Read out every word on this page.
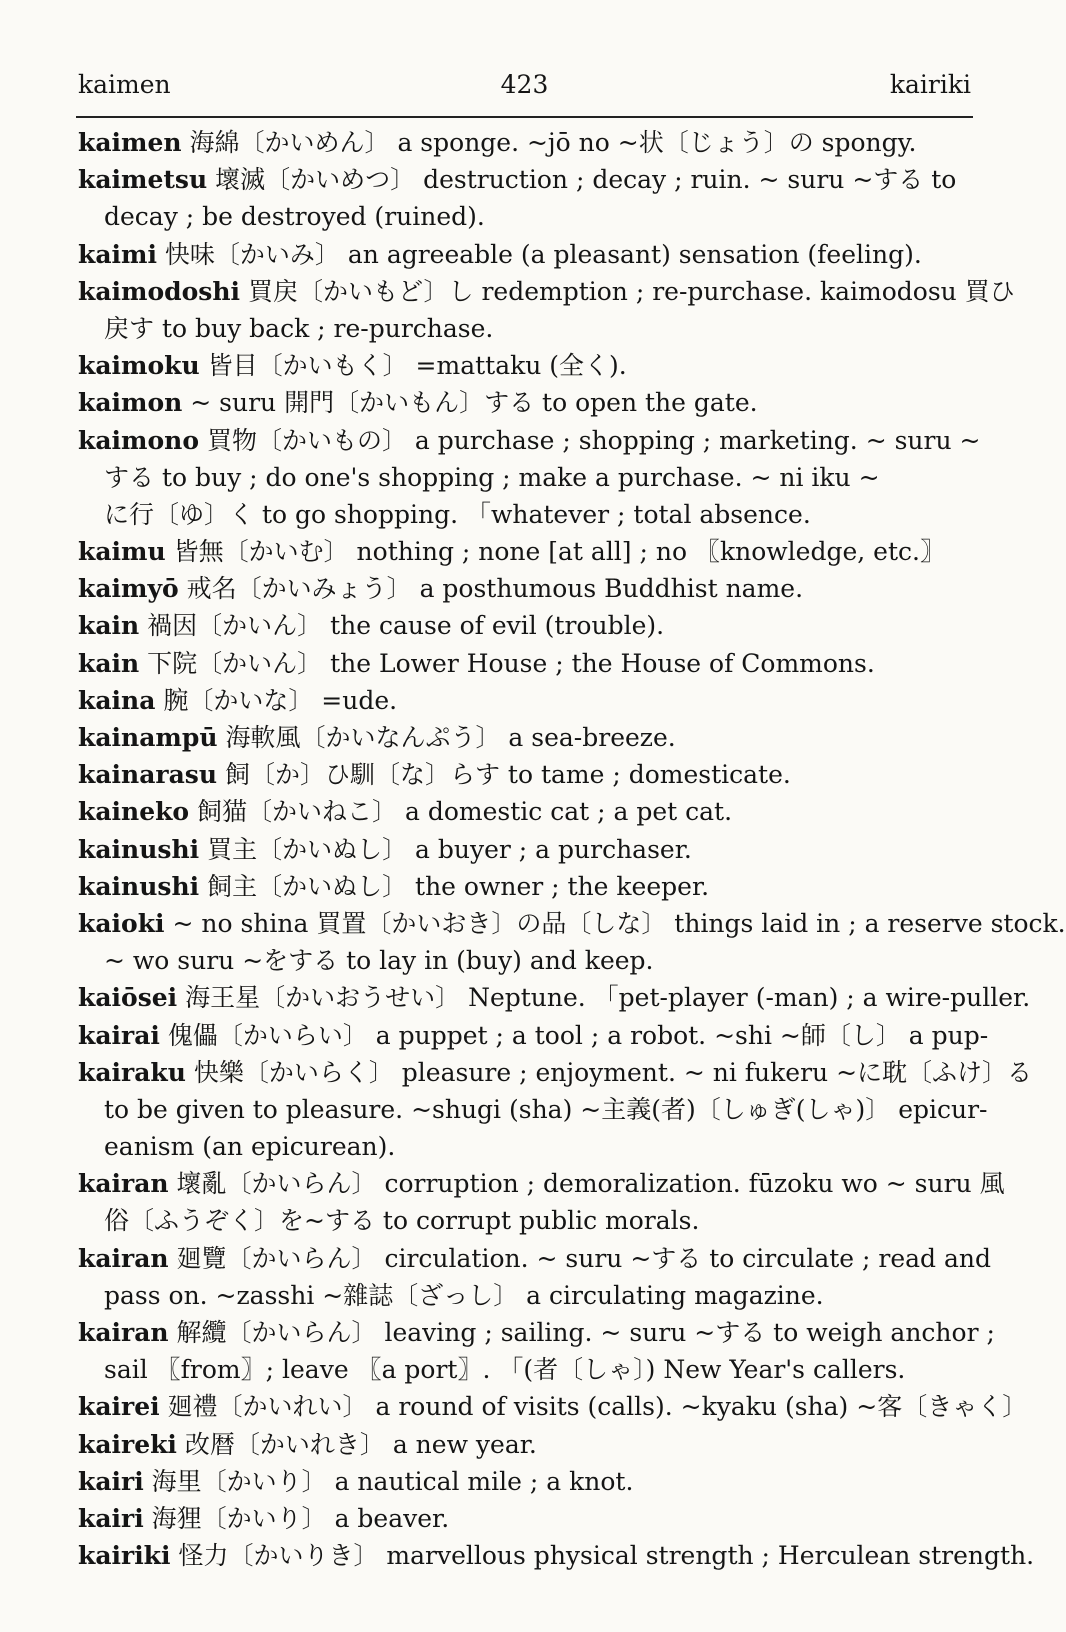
kaimen	423	kairiki
kaimen 海綿〔かいめん〕 a sponge. ~jō no ~状〔じょう〕の spongy.
kaimetsu 壞滅〔かいめつ〕 destruction ; decay ; ruin. ~ suru ~する to
decay ; be destroyed (ruined).
kaimi 快味〔かいみ〕 an agreeable (a pleasant) sensation (feeling).
kaimodoshi 買戻〔かいもど〕し redemption ; re-purchase. kaimodosu 買ひ
戻す to buy back ; re-purchase.
kaimoku 皆目〔かいもく〕 =mattaku (全く).
kaimon ~ suru 開門〔かいもん〕する to open the gate.
kaimono 買物〔かいもの〕 a purchase ; shopping ; marketing. ~ suru ~
する to buy ; do one's shopping ; make a purchase. ~ ni iku ~
に行〔ゆ〕く to go shopping. 「whatever ; total absence.
kaimu 皆無〔かいむ〕 nothing ; none [at all] ; no 〖knowledge, etc.〗
kaimyō 戒名〔かいみょう〕 a posthumous Buddhist name.
kain 禍因〔かいん〕 the cause of evil (trouble).
kain 下院〔かいん〕 the Lower House ; the House of Commons.
kaina 腕〔かいな〕 =ude.
kainampū 海軟風〔かいなんぷう〕 a sea-breeze.
kainarasu 飼〔か〕ひ馴〔な〕らす to tame ; domesticate.
kaineko 飼猫〔かいねこ〕 a domestic cat ; a pet cat.
kainushi 買主〔かいぬし〕 a buyer ; a purchaser.
kainushi 飼主〔かいぬし〕 the owner ; the keeper.
kaioki ~ no shina 買置〔かいおき〕の品〔しな〕 things laid in ; a reserve stock.
~ wo suru ~をする to lay in (buy) and keep.
kaiōsei 海王星〔かいおうせい〕 Neptune. 「pet-player (-man) ; a wire-puller.
kairai 傀儡〔かいらい〕 a puppet ; a tool ; a robot. ~shi ~師〔し〕 a pup-
kairaku 快樂〔かいらく〕 pleasure ; enjoyment. ~ ni fukeru ~に耽〔ふけ〕る
to be given to pleasure. ~shugi (sha) ~主義(者)〔しゅぎ(しゃ)〕 epicur-
eanism (an epicurean).
kairan 壞亂〔かいらん〕 corruption ; demoralization. fūzoku wo ~ suru 風
俗〔ふうぞく〕を~する to corrupt public morals.
kairan 廻覽〔かいらん〕 circulation. ~ suru ~する to circulate ; read and
pass on. ~zasshi ~雜誌〔ざっし〕 a circulating magazine.
kairan 解纜〔かいらん〕 leaving ; sailing. ~ suru ~する to weigh anchor ;
sail 〖from〗; leave 〖a port〗. 「(者〔しゃ〕) New Year's callers.
kairei 廻禮〔かいれい〕 a round of visits (calls). ~kyaku (sha) ~客〔きゃく〕
kaireki 改暦〔かいれき〕 a new year.
kairi 海里〔かいり〕 a nautical mile ; a knot.
kairi 海狸〔かいり〕 a beaver.
kairiki 怪力〔かいりき〕 marvellous physical strength ; Herculean strength.
